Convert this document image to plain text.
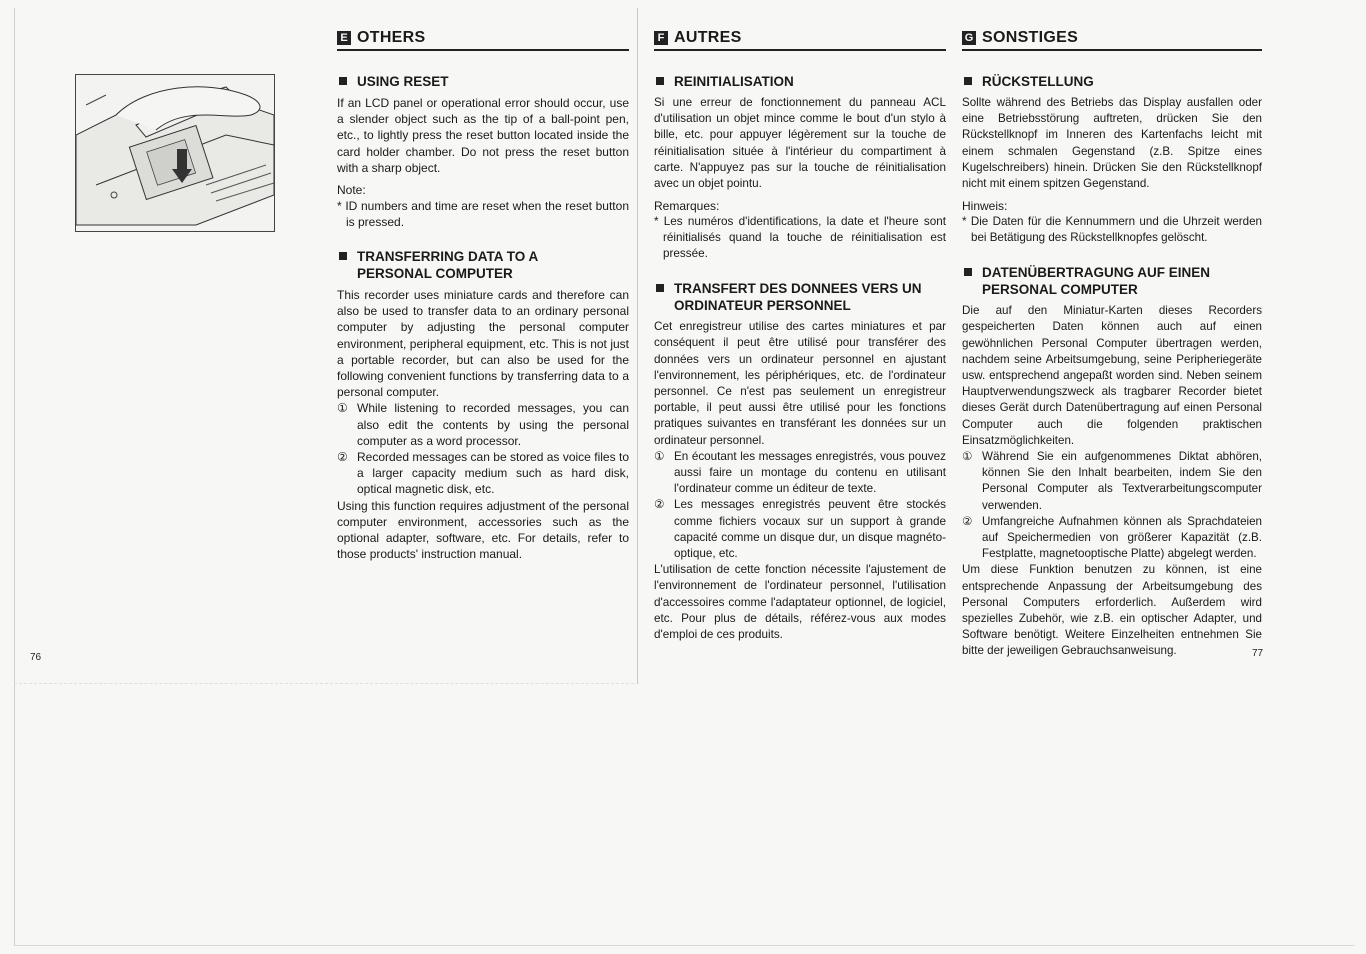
E OTHERS
USING RESET

If an LCD panel or operational error should occur, use a slender object such as the tip of a ball-point pen, etc., to lightly press the reset button located inside the card holder chamber. Do not press the reset button with a sharp object.

Note:

* ID numbers and time are reset when the reset button is pressed.

TRANSFERRING DATA TO A
PERSONAL COMPUTER

This recorder uses miniature cards and therefore can also be used to transfer data to an ordinary personal computer by adjusting the personal computer environment, peripheral equipment, etc. This is not just a portable recorder, but can also be used for the following convenient functions by transferring data to a personal computer.

① While listening to recorded messages, you can also edit the contents by using the personal computer as a word processor.

② Recorded messages can be stored as voice files to a larger capacity medium such as hard disk, optical magnetic disk, etc.

Using this function requires adjustment of the personal computer environment, accessories such as the optional adapter, software, etc. For details, refer to those products' instruction manual.

F AUTRES
REINITIALISATION

Si une erreur de fonctionnement du panneau ACL d'utilisation un objet mince comme le bout d'un stylo à bille, etc. pour appuyer légèrement sur la touche de réinitialisation située à l'intérieur du compartiment à carte. N'appuyez pas sur la touche de réinitialisation avec un objet pointu.

Remarques:

* Les numéros d'identifications, la date et l'heure sont réinitialisés quand la touche de réinitialisation est pressée.

TRANSFERT DES DONNEES VERS UN
ORDINATEUR PERSONNEL

Cet enregistreur utilise des cartes miniatures et par conséquent il peut être utilisé pour transférer des données vers un ordinateur personnel en ajustant l'environnement, les périphériques, etc. de l'ordinateur personnel. Ce n'est pas seulement un enregistreur portable, il peut aussi être utilisé pour les fonctions pratiques suivantes en transférant les données sur un ordinateur personnel.

① En écoutant les messages enregistrés, vous pouvez aussi faire un montage du contenu en utilisant l'ordinateur comme un éditeur de texte.

② Les messages enregistrés peuvent être stockés comme fichiers vocaux sur un support à grande capacité comme un disque dur, un disque magnéto-optique, etc.

L'utilisation de cette fonction nécessite l'ajustement de l'environnement de l'ordinateur personnel, l'utilisation d'accessoires comme l'adaptateur optionnel, de logiciel, etc. Pour plus de détails, référez-vous aux modes d'emploi de ces produits.

G SONSTIGES
RÜCKSTELLUNG

Sollte während des Betriebs das Display ausfallen oder eine Betriebsstörung auftreten, drücken Sie den Rückstellknopf im Inneren des Kartenfachs leicht mit einem schmalen Gegenstand (z.B. Spitze eines Kugelschreibers) hinein. Drücken Sie den Rückstellknopf nicht mit einem spitzen Gegenstand.

Hinweis:

* Die Daten für die Kennummern und die Uhrzeit werden bei Betätigung des Rückstellknopfes gelöscht.

DATENÜBERTRAGUNG AUF EINEN
PERSONAL COMPUTER

Die auf den Miniatur-Karten dieses Recorders gespeicherten Daten können auch auf einen gewöhnlichen Personal Computer übertragen werden, nachdem seine Arbeitsumgebung, seine Peripheriegeräte usw. entsprechend angepaßt worden sind. Neben seinem Hauptverwendungszweck als tragbarer Recorder bietet dieses Gerät durch Datenübertragung auf einen Personal Computer auch die folgenden praktischen Einsatzmöglichkeiten.

① Während Sie ein aufgenommenes Diktat abhören, können Sie den Inhalt bearbeiten, indem Sie den Personal Computer als Textverarbeitungscomputer verwenden.

② Umfangreiche Aufnahmen können als Sprachdateien auf Speichermedien von größerer Kapazität (z.B. Festplatte, magnetooptische Platte) abgelegt werden.

Um diese Funktion benutzen zu können, ist eine entsprechende Anpassung der Arbeitsumgebung des Personal Computers erforderlich. Außerdem wird spezielles Zubehör, wie z.B. ein optischer Adapter, und Software benötigt. Weitere Einzelheiten entnehmen Sie bitte der jeweiligen Gebrauchsanweisung.

76	77
